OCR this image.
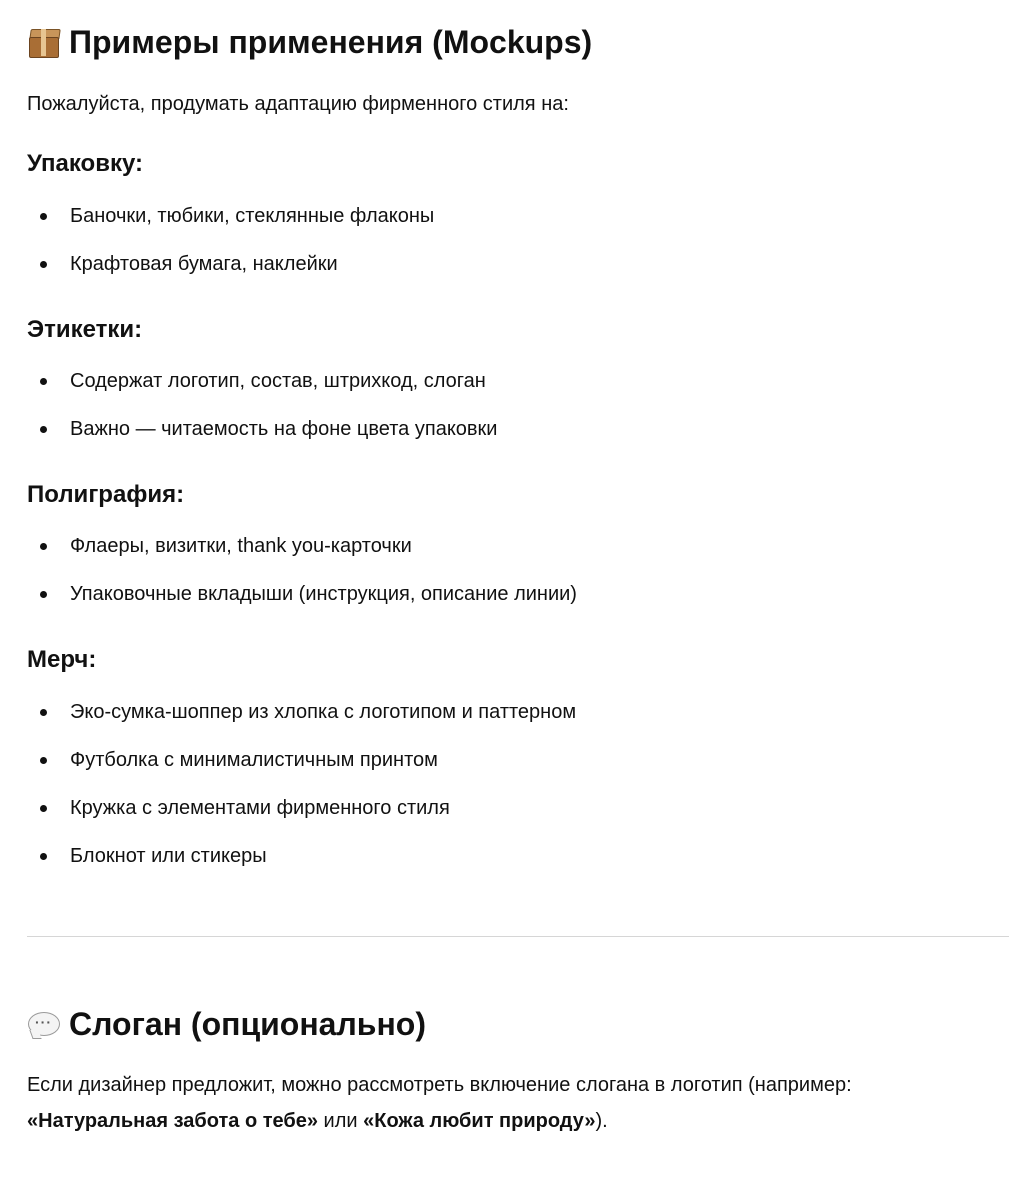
Примеры применения (Mockups)

Пожалуйста, продумать адаптацию фирменного стиля на:

Упаковку:
Баночки, тюбики, стеклянные флаконы
Крафтовая бумага, наклейки
Этикетки:
Содержат логотип, состав, штрихкод, слоган
Важно — читаемость на фоне цвета упаковки
Полиграфия:
Флаеры, визитки, thank you-карточки
Упаковочные вкладыши (инструкция, описание линии)
Мерч:
Эко-сумка-шоппер из хлопка с логотипом и паттерном
Футболка с минималистичным принтом
Кружка с элементами фирменного стиля
Блокнот или стикеры
··· Слоган (опционально)

Если дизайнер предложит, можно рассмотреть включение слогана в логотип (например: «Натуральная забота о тебе» или «Кожа любит природу»).
